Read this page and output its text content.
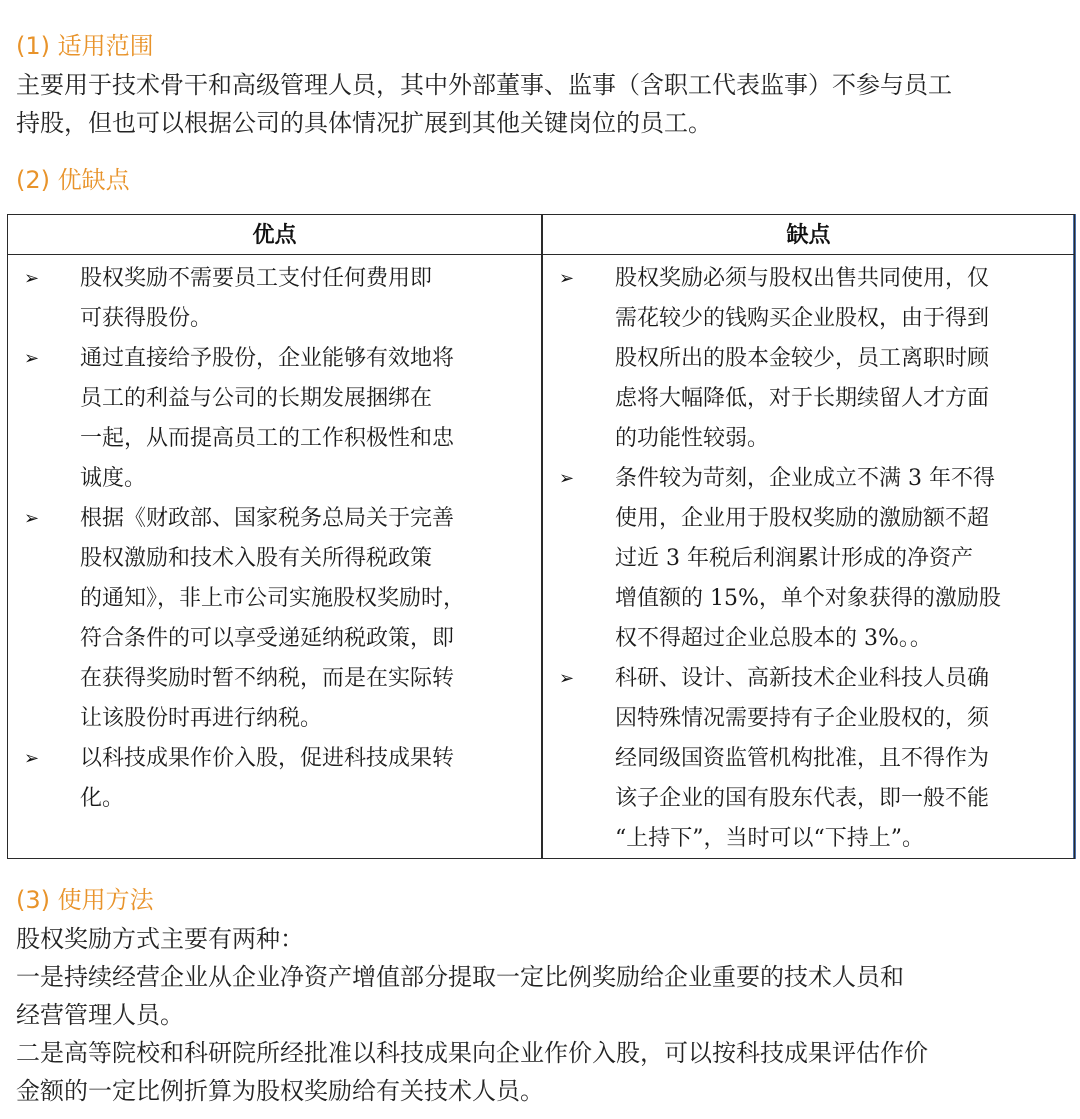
(1) 适用范围
主要用于技术骨干和高级管理人员，其中外部董事、监事（含职工代表监事）不参与员工
持股，但也可以根据公司的具体情况扩展到其他关键岗位的员工。
(2) 优缺点
优点	缺点
➢ 股权奖励不需要员工支付任何费用即
可获得股份。
➢ 通过直接给予股份，企业能够有效地将
员工的利益与公司的长期发展捆绑在
一起，从而提高员工的工作积极性和忠
诚度。
➢ 根据《财政部、国家税务总局关于完善
股权激励和技术入股有关所得税政策
的通知》，非上市公司实施股权奖励时，
符合条件的可以享受递延纳税政策，即
在获得奖励时暂不纳税，而是在实际转
让该股份时再进行纳税。
➢ 以科技成果作价入股，促进科技成果转
化。
➢ 股权奖励必须与股权出售共同使用，仅
需花较少的钱购买企业股权，由于得到
股权所出的股本金较少，员工离职时顾
虑将大幅降低，对于长期续留人才方面
的功能性较弱。
➢ 条件较为苛刻，企业成立不满 3 年不得
使用，企业用于股权奖励的激励额不超
过近 3 年税后利润累计形成的净资产
增值额的 15%，单个对象获得的激励股
权不得超过企业总股本的 3%。。
➢ 科研、设计、高新技术企业科技人员确
因特殊情况需要持有子企业股权的，须
经同级国资监管机构批准，且不得作为
该子企业的国有股东代表，即一般不能
“上持下”，当时可以“下持上”。
(3) 使用方法
股权奖励方式主要有两种：
一是持续经营企业从企业净资产增值部分提取一定比例奖励给企业重要的技术人员和
经营管理人员。
二是高等院校和科研院所经批准以科技成果向企业作价入股，可以按科技成果评估作价
金额的一定比例折算为股权奖励给有关技术人员。
